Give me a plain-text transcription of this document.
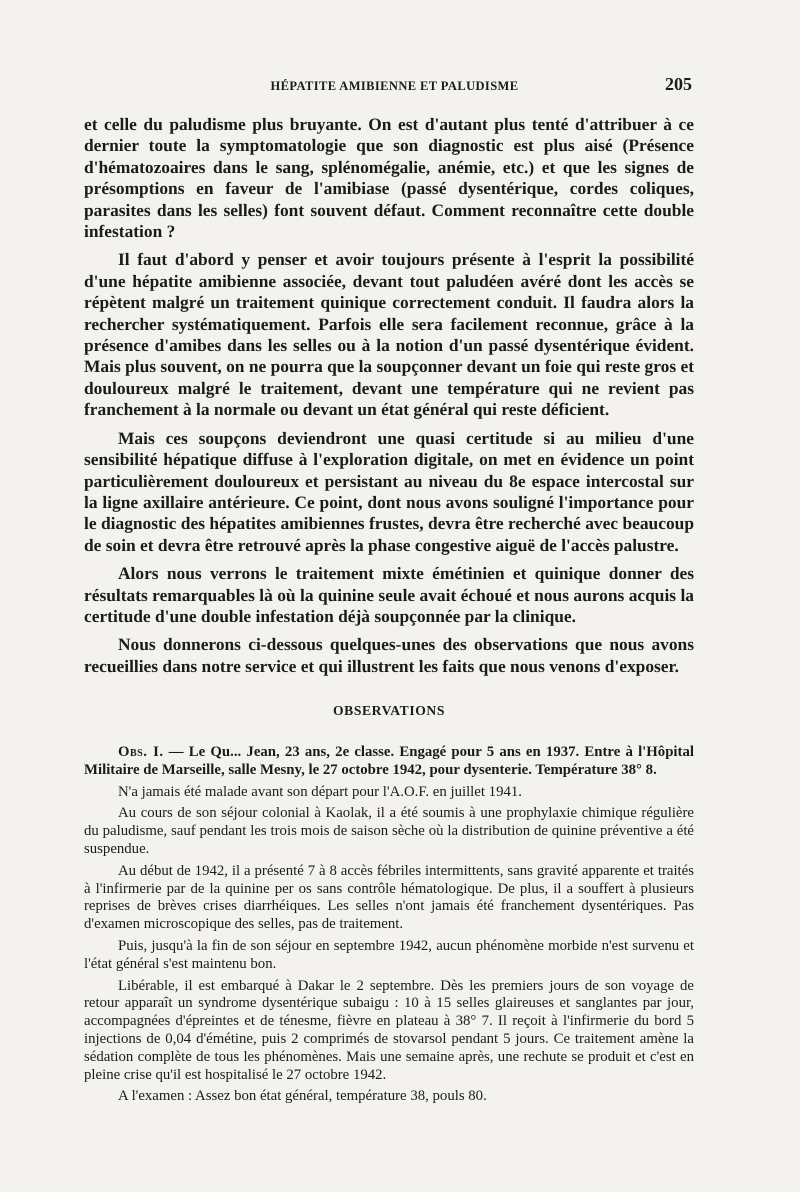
HÉPATITE AMIBIENNE ET PALUDISME	205

et celle du paludisme plus bruyante. On est d'autant plus tenté d'attribuer à ce dernier toute la symptomatologie que son diagnostic est plus aisé (Présence d'hématozoaires dans le sang, splénomégalie, anémie, etc.) et que les signes de présomptions en faveur de l'amibiase (passé dysentérique, cordes coliques, parasites dans les selles) font souvent défaut. Comment reconnaître cette double infestation ?

Il faut d'abord y penser et avoir toujours présente à l'esprit la possibilité d'une hépatite amibienne associée, devant tout paludéen avéré dont les accès se répètent malgré un traitement quinique correctement conduit. Il faudra alors la rechercher systématiquement. Parfois elle sera facilement reconnue, grâce à la présence d'amibes dans les selles ou à la notion d'un passé dysentérique évident. Mais plus souvent, on ne pourra que la soupçonner devant un foie qui reste gros et douloureux malgré le traitement, devant une température qui ne revient pas franchement à la normale ou devant un état général qui reste déficient.

Mais ces soupçons deviendront une quasi certitude si au milieu d'une sensibilité hépatique diffuse à l'exploration digitale, on met en évidence un point particulièrement douloureux et persistant au niveau du 8e espace intercostal sur la ligne axillaire antérieure. Ce point, dont nous avons souligné l'importance pour le diagnostic des hépatites amibiennes frustes, devra être recherché avec beaucoup de soin et devra être retrouvé après la phase congestive aiguë de l'accès palustre.

Alors nous verrons le traitement mixte émétinien et quinique donner des résultats remarquables là où la quinine seule avait échoué et nous aurons acquis la certitude d'une double infestation déjà soupçonnée par la clinique.

Nous donnerons ci-dessous quelques-unes des observations que nous avons recueillies dans notre service et qui illustrent les faits que nous venons d'exposer.

OBSERVATIONS

Obs. I. — Le Qu... Jean, 23 ans, 2e classe. Engagé pour 5 ans en 1937. Entre à l'Hôpital Militaire de Marseille, salle Mesny, le 27 octobre 1942, pour dysenterie. Température 38° 8.

N'a jamais été malade avant son départ pour l'A.O.F. en juillet 1941.

Au cours de son séjour colonial à Kaolak, il a été soumis à une prophylaxie chimique régulière du paludisme, sauf pendant les trois mois de saison sèche où la distribution de quinine préventive a été suspendue.

Au début de 1942, il a présenté 7 à 8 accès fébriles intermittents, sans gravité apparente et traités à l'infirmerie par de la quinine per os sans contrôle hématologique. De plus, il a souffert à plusieurs reprises de brèves crises diarrhéiques. Les selles n'ont jamais été franchement dysentériques. Pas d'examen microscopique des selles, pas de traitement.

Puis, jusqu'à la fin de son séjour en septembre 1942, aucun phénomène morbide n'est survenu et l'état général s'est maintenu bon.

Libérable, il est embarqué à Dakar le 2 septembre. Dès les premiers jours de son voyage de retour apparaît un syndrome dysentérique subaigu : 10 à 15 selles glaireuses et sanglantes par jour, accompagnées d'épreintes et de ténesme, fièvre en plateau à 38° 7. Il reçoit à l'infirmerie du bord 5 injections de 0,04 d'émétine, puis 2 comprimés de stovarsol pendant 5 jours. Ce traitement amène la sédation complète de tous les phénomènes. Mais une semaine après, une rechute se produit et c'est en pleine crise qu'il est hospitalisé le 27 octobre 1942.

A l'examen : Assez bon état général, température 38, pouls 80.
